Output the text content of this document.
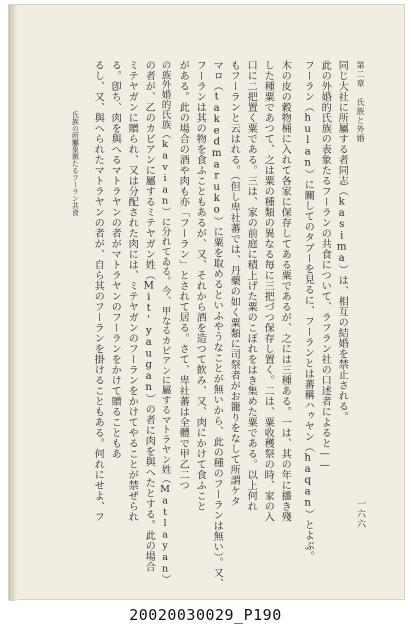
第二章 氏族と外婚
一六六
同じ大社に所屬する者同志（kasima）は、相互の結婚を禁止される。
此の外婚的氏族の表象たるフーランの共食について、ラフラン社の口述者によると——
フーラン（hulan）に關してのタブーを見るに、フーランとは蕃稱ハゥヤン（haqan）とよぶ。
木の皮の穀物桶に入れて各家に保存してある粟であるが、之には三種ある。一は、其の年に播き殘
した種粟であつて、之は粟の種類の異なる毎に三把づつ保存し置く。二は、粟收穫祭の時、家の入
口に二把置く粟である。三は、家の前庭に積上げた粟のこぼれをはき集めた粟である。以上何れ
もフーランと云はれる。（但し卑社蕃では、丹藥の如く粟類に司祭者がお籠りをなして所謂ケタ
マロ（takedmaruko）に粟を取めるといふやうなことが無いから、此の種のフーランは無い）。又、
フーランは其の物を食ふこともあるが、又、それから酒を造つて飲み、又、肉にかけて食ふこと
がある。此の場合の酒や肉も亦「フーラン」とされて居る。さて、卑社蕃は全體で甲乙二つ
の族外婚的氏族（kavian）に分れてゐる。今、甲なるカビアンに屬するマトラヤン姓（Matlayan）
の者が、乙のカビアンに屬するミテヤガン姓（Mit'yaugan）の者に肉を與へたとする。此の場合
ミテヤガンに贈られ、又は分配された肉には、ミテヤガンのフーランをかけてやることが禁ぜられ
る。卽ち、肉を與へるマトラヤンの者がマトラヤンのフーランをかけて贈ることもあ
るし、又、與へられたマトラヤンの者が、自ら其のフーランを掛けることもある。何れにせよ、フ
氏族の所屬象徴たるフーラン共食
20020030029_P190
